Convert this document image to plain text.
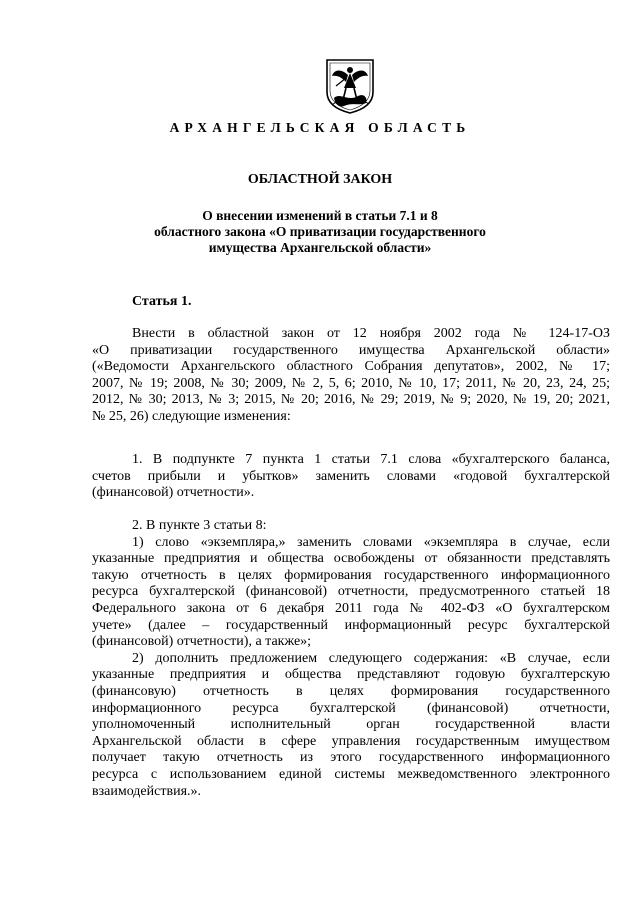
АРХАНГЕЛЬСКАЯ ОБЛАСТЬ
ОБЛАСТНОЙ ЗАКОН
О внесении изменений в статьи 7.1 и 8
областного закона «О приватизации государственного
имущества Архангельской области»
Статья 1.
Внести в областной закон от 12 ноября 2002 года № 124-17-ОЗ
«О приватизации государственного имущества Архангельской области»
(«Ведомости Архангельского областного Собрания депутатов», 2002, № 17;
2007, № 19; 2008, № 30; 2009, № 2, 5, 6; 2010, № 10, 17; 2011, № 20, 23, 24, 25;
2012, № 30; 2013, № 3; 2015, № 20; 2016, № 29; 2019, № 9; 2020, № 19, 20; 2021,
№ 25, 26) следующие изменения:
1. В подпункте 7 пункта 1 статьи 7.1 слова «бухгалтерского баланса,
счетов прибыли и убытков» заменить словами «годовой бухгалтерской
(финансовой) отчетности».
2. В пункте 3 статьи 8:
1) слово «экземпляра,» заменить словами «экземпляра в случае, если
указанные предприятия и общества освобождены от обязанности представлять
такую отчетность в целях формирования государственного информационного
ресурса бухгалтерской (финансовой) отчетности, предусмотренного статьей 18
Федерального закона от 6 декабря 2011 года № 402-ФЗ «О бухгалтерском
учете» (далее – государственный информационный ресурс бухгалтерской
(финансовой) отчетности), а также»;
2) дополнить предложением следующего содержания: «В случае, если
указанные предприятия и общества представляют годовую бухгалтерскую
(финансовую) отчетность в целях формирования государственного
информационного ресурса бухгалтерской (финансовой) отчетности,
уполномоченный исполнительный орган государственной власти
Архангельской области в сфере управления государственным имуществом
получает такую отчетность из этого государственного информационного
ресурса с использованием единой системы межведомственного электронного
взаимодействия.».
